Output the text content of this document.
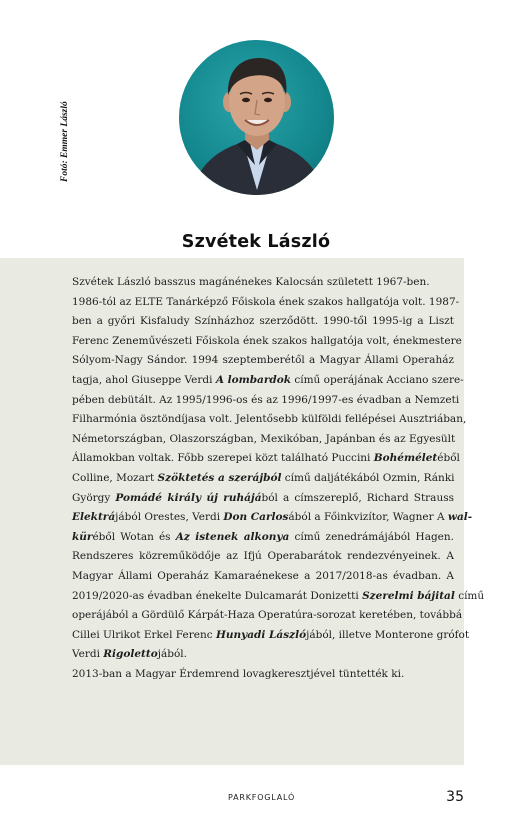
Fotó: Emmer László
Szvétek László
Szvétek László basszus magánénekes Kalocsán született 1967-ben.
1986-tól az ELTE Tanárképző Főiskola ének szakos hallgatója volt. 1987-
ben a győri Kisfaludy Színházhoz szerződött. 1990-től 1995-ig a Liszt
Ferenc Zeneművészeti Főiskola ének szakos hallgatója volt, énekmestere
Sólyom-Nagy Sándor. 1994 szeptemberétől a Magyar Állami Operaház
tagja, ahol Giuseppe Verdi A lombardok című operájának Acciano szere-
pében debütált. Az 1995/1996-os és az 1996/1997-es évadban a Nemzeti
Filharmónia ösztöndíjasa volt. Jelentősebb külföldi fellépései Ausztriában,
Németországban, Olaszországban, Mexikóban, Japánban és az Egyesült
Államokban voltak. Főbb szerepei közt található Puccini Bohéméletéből
Colline, Mozart Szöktetés a szerájból című daljátékából Ozmin, Ránki
György Pomádé király új ruhájából a címszereplő, Richard Strauss
Elektrájából Orestes, Verdi Don Carlosából a Főinkvizítor, Wagner A wal-
küréből Wotan és Az istenek alkonya című zenedrámájából Hagen.
Rendszeres közreműködője az Ifjú Operabarátok rendezvényeinek. A
Magyar Állami Operaház Kamaraénekese a 2017/2018-as évadban. A
2019/2020-as évadban énekelte Dulcamarát Donizetti Szerelmi bájital című
operájából a Gördülő Kárpát-Haza Operatúra-sorozat keretében, továbbá
Cillei Ulrikot Erkel Ferenc Hunyadi Lászlójából, illetve Monterone grófot
Verdi Rigolettojából.
2013-ban a Magyar Érdemrend lovagkeresztjével tüntették ki.
PARKFOGLALÓ	35
